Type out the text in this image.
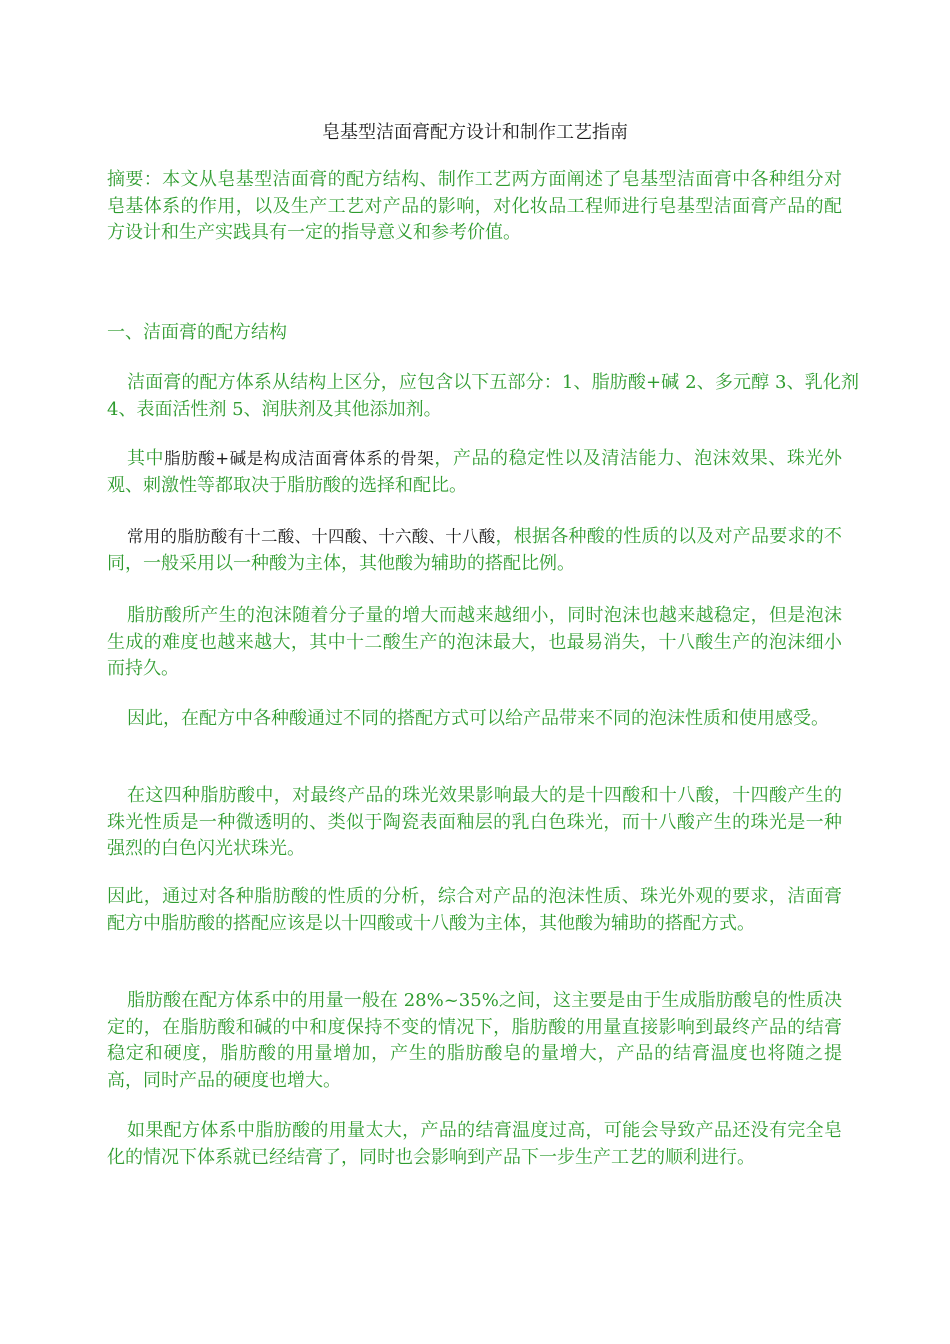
皂基型洁面膏配方设计和制作工艺指南

摘要：本文从皂基型洁面膏的配方结构、制作工艺两方面阐述了皂基型洁面膏中各种组分对皂基体系的作用，以及生产工艺对产品的影响，对化妆品工程师进行皂基型洁面膏产品的配方设计和生产实践具有一定的指导意义和参考价值。

一、洁面膏的配方结构

洁面膏的配方体系从结构上区分，应包含以下五部分：1、脂肪酸+碱 2、多元醇 3、乳化剂 4、表面活性剂 5、润肤剂及其他添加剂。

其中脂肪酸+碱是构成洁面膏体系的骨架，产品的稳定性以及清洁能力、泡沫效果、珠光外观、刺激性等都取决于脂肪酸的选择和配比。

常用的脂肪酸有十二酸、十四酸、十六酸、十八酸，根据各种酸的性质的以及对产品要求的不同，一般采用以一种酸为主体，其他酸为辅助的搭配比例。

脂肪酸所产生的泡沫随着分子量的增大而越来越细小，同时泡沫也越来越稳定，但是泡沫生成的难度也越来越大，其中十二酸生产的泡沫最大，也最易消失，十八酸生产的泡沫细小而持久。

因此，在配方中各种酸通过不同的搭配方式可以给产品带来不同的泡沫性质和使用感受。

在这四种脂肪酸中，对最终产品的珠光效果影响最大的是十四酸和十八酸，十四酸产生的珠光性质是一种微透明的、类似于陶瓷表面釉层的乳白色珠光，而十八酸产生的珠光是一种强烈的白色闪光状珠光。

因此，通过对各种脂肪酸的性质的分析，综合对产品的泡沫性质、珠光外观的要求，洁面膏配方中脂肪酸的搭配应该是以十四酸或十八酸为主体，其他酸为辅助的搭配方式。

脂肪酸在配方体系中的用量一般在 28%~35%之间，这主要是由于生成脂肪酸皂的性质决定的，在脂肪酸和碱的中和度保持不变的情况下，脂肪酸的用量直接影响到最终产品的结膏稳定和硬度，脂肪酸的用量增加，产生的脂肪酸皂的量增大，产品的结膏温度也将随之提高，同时产品的硬度也增大。

如果配方体系中脂肪酸的用量太大，产品的结膏温度过高，可能会导致产品还没有完全皂化的情况下体系就已经结膏了，同时也会影响到产品下一步生产工艺的顺利进行。
